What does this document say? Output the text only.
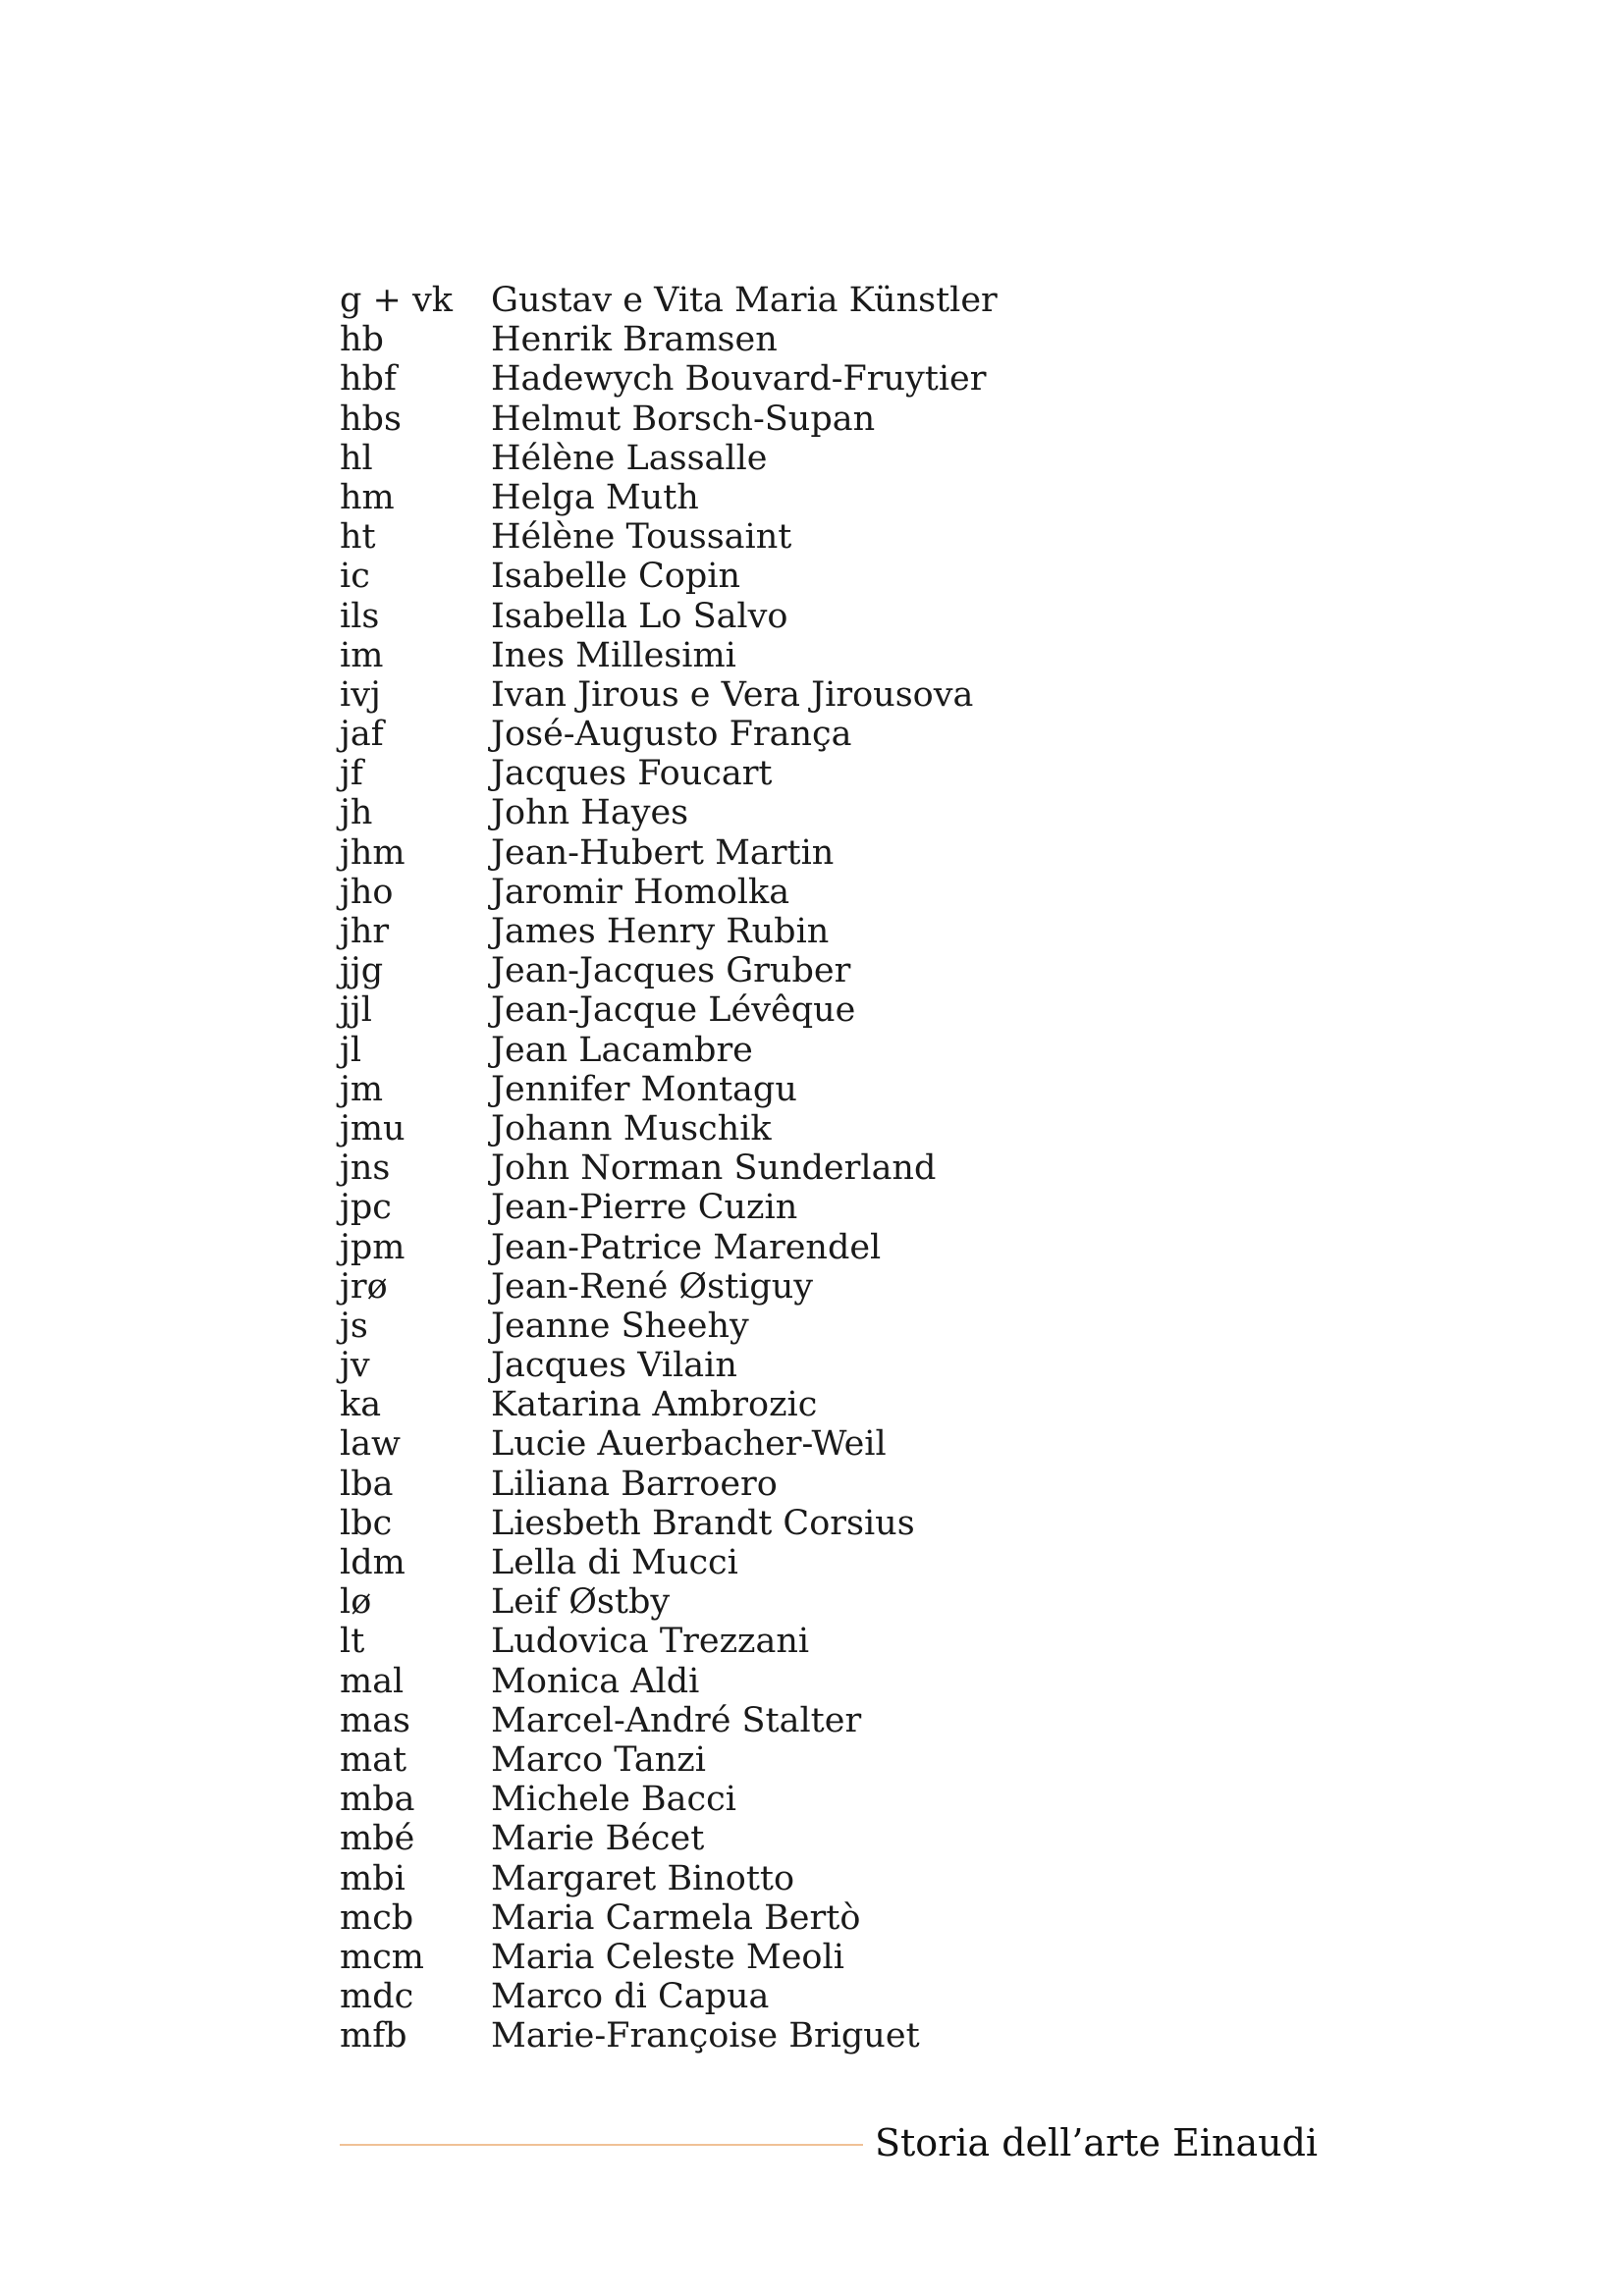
g + vk	Gustav e Vita Maria Künstler
hb	Henrik Bramsen
hbf	Hadewych Bouvard-Fruytier
hbs	Helmut Borsch-Supan
hl	Hélène Lassalle
hm	Helga Muth
ht	Hélène Toussaint
ic	Isabelle Copin
ils	Isabella Lo Salvo
im	Ines Millesimi
ivj	Ivan Jirous e Vera Jirousova
jaf	José-Augusto França
jf	Jacques Foucart
jh	John Hayes
jhm	Jean-Hubert Martin
jho	Jaromir Homolka
jhr	James Henry Rubin
jjg	Jean-Jacques Gruber
jjl	Jean-Jacque Lévêque
jl	Jean Lacambre
jm	Jennifer Montagu
jmu	Johann Muschik
jns	John Norman Sunderland
jpc	Jean-Pierre Cuzin
jpm	Jean-Patrice Marendel
jrø	Jean-René Østiguy
js	Jeanne Sheehy
jv	Jacques Vilain
ka	Katarina Ambrozic
law	Lucie Auerbacher-Weil
lba	Liliana Barroero
lbc	Liesbeth Brandt Corsius
ldm	Lella di Mucci
lø	Leif Østby
lt	Ludovica Trezzani
mal	Monica Aldi
mas	Marcel-André Stalter
mat	Marco Tanzi
mba	Michele Bacci
mbé	Marie Bécet
mbi	Margaret Binotto
mcb	Maria Carmela Bertò
mcm	Maria Celeste Meoli
mdc	Marco di Capua
mfb	Marie-Françoise Briguet
Storia dell’arte Einaudi
